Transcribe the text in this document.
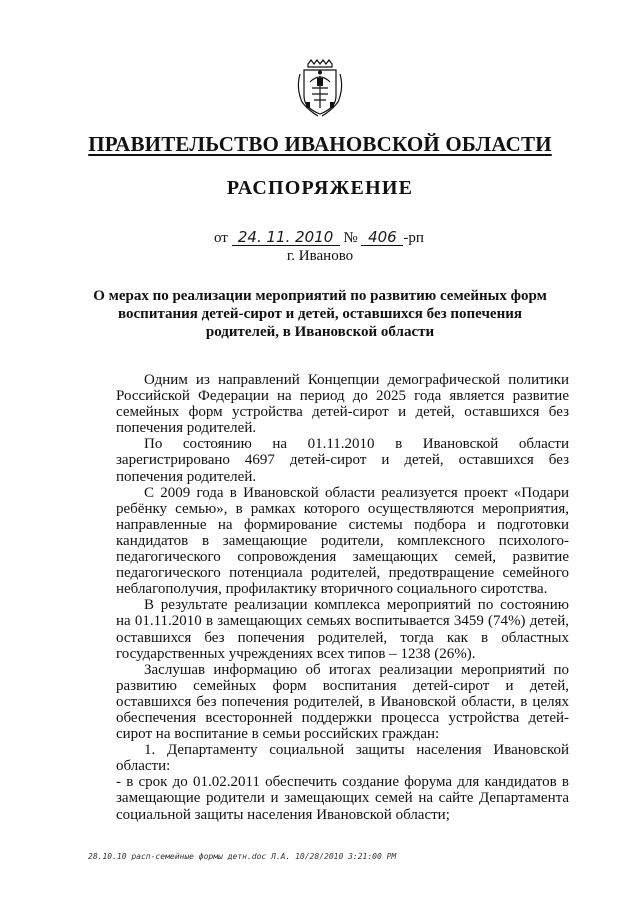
ПРАВИТЕЛЬСТВО ИВАНОВСКОЙ ОБЛАСТИ
РАСПОРЯЖЕНИЕ
от 24. 11. 2010 № 406 -рп
г. Иваново
О мерах по реализации мероприятий по развитию семейных форм воспитания детей-сирот и детей, оставшихся без попечения родителей, в Ивановской области

Одним из направлений Концепции демографической политики Российской Федерации на период до 2025 года является развитие семейных форм устройства детей-сирот и детей, оставшихся без попечения родителей.

По состоянию на 01.11.2010 в Ивановской области зарегистрировано 4697 детей-сирот и детей, оставшихся без попечения родителей.

С 2009 года в Ивановской области реализуется проект «Подари ребёнку семью», в рамках которого осуществляются мероприятия, направленные на формирование системы подбора и подготовки кандидатов в замещающие родители, комплексного психолого-педагогического сопровождения замещающих семей, развитие педагогического потенциала родителей, предотвращение семейного неблагополучия, профилактику вторичного социального сиротства.

В результате реализации комплекса мероприятий по состоянию на 01.11.2010 в замещающих семьях воспитывается 3459 (74%) детей, оставшихся без попечения родителей, тогда как в областных государственных учреждениях всех типов – 1238 (26%).

Заслушав информацию об итогах реализации мероприятий по развитию семейных форм воспитания детей-сирот и детей, оставшихся без попечения родителей, в Ивановской области, в целях обеспечения всесторонней поддержки процесса устройства детей-сирот на воспитание в семьи российских граждан:

1. Департаменту социальной защиты населения Ивановской области:

- в срок до 01.02.2011 обеспечить создание форума для кандидатов в замещающие родители и замещающих семей на сайте Департамента социальной защиты населения Ивановской области;

28.10.10 расп-семейные формы детн.doc Л.А. 10/28/2010 3:21:00 PM
